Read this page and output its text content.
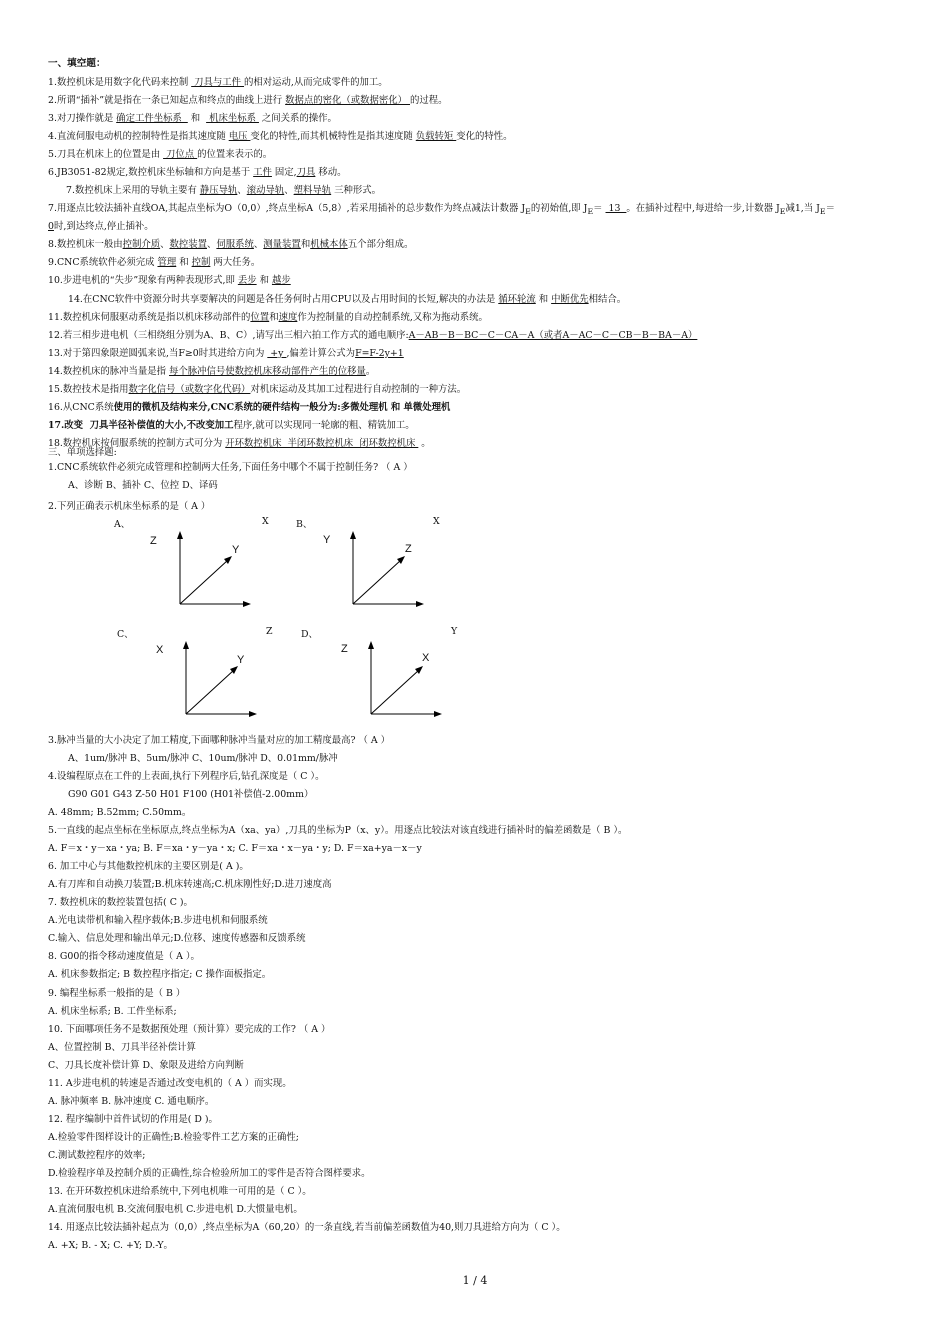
一、填空题：
1.数控机床是用数字化代码来控制  刀具与工件 的相对运动,从而完成零件的加工。
2.所谓“插补”就是指在一条已知起点和终点的曲线上进行 数据点的密化（或数据密化） 的过程。
3.对刀操作就是 确定工件坐标系   和   机床坐标系  之间关系的操作。
4.直流伺服电动机的控制特性是指其速度随 电压 变化的特性,而其机械特性是指其速度随 负载转矩 变化的特性。
5.刀具在机床上的位置是由  刀位点 的位置来表示的。
6.JB3051-82规定,数控机床坐标轴和方向是基于 工件 固定,刀具 移动。
7.数控机床上采用的导轨主要有 静压导轨、滚动导轨、塑料导轨 三种形式。
7.用逐点比较法插补直线OA,其起点坐标为O（0,0）,终点坐标A（5,8）,若采用插补的总步数作为终点减法计数器 $J_E$的初始值,即 $J_E= 13$  。在插补过程中,每进给一步,计数器 $J_E$减1,当 $J_E=$
0时,到达终点,停止插补。
8.数控机床一般由控制介质、数控装置、伺服系统、测量装置和机械本体五个部分组成。
9.CNC系统软件必须完成 管理 和 控制 两大任务。
10.步进电机的“失步”现象有两种表现形式,即 丢步 和 越步
14.在CNC软件中资源分时共享要解决的问题是各任务何时占用CPU以及占用时间的长短,解决的办法是 循环轮流 和 中断优先相结合。
11.数控机床伺服驱动系统是指以机床移动部件的位置和速度作为控制量的自动控制系统,又称为拖动系统。
12.若三相步进电机（三相绕组分别为A、B、C）,请写出三相六拍工作方式的通电顺序:A－AB－B－BC－C－CA－A（或者A－AC－C－CB－B－BA－A）
13.对于第四象限逆圆弧来说,当F≥0时其进给方向为  +y ,偏差计算公式为F=F-2y+1
14.数控机床的脉冲当量是指 每个脉冲信号使数控机床移动部件产生的位移量。
15.数控技术是指用数字化信号（或数字化代码）对机床运动及其加工过程进行自动控制的一种方法。
16.从CNC系统使用的微机及结构来分,CNC系统的硬件结构一般分为:多微处理机 和 单微处理机
17.改变  刀具半径补偿值的大小,不改变加工程序,就可以实现同一轮廓的粗、精铣加工。
18.数控机床按伺服系统的控制方式可分为 开环数控机床  半闭环数控机床  闭环数控机床  。
三、单项选择题:
1.CNC系统软件必须完成管理和控制两大任务,下面任务中哪个不属于控制任务? （ A ）
A、诊断 B、插补 C、位控 D、译码
2.下列正确表示机床坐标系的是（ A ）
A、	X
Z
Y
B、	X
Y
Z
C、	Z
X
Y
D、	Y
Z
X
3.脉冲当量的大小决定了加工精度,下面哪种脉冲当量对应的加工精度最高? （ A ）
A、1um/脉冲 B、5um/脉冲 C、10um/脉冲 D、0.01mm/脉冲
4.设编程原点在工件的上表面,执行下列程序后,钻孔深度是（ C ）。
G90 G01 G43 Z-50 H01 F100 (H01补偿值-2.00mm）
A. 48mm; B.52mm; C.50mm。
5.一直线的起点坐标在坐标原点,终点坐标为A（xa、ya）,刀具的坐标为P（x、y）。用逐点比较法对该直线进行插补时的偏差函数是（ B ）。
A. F＝x・y－xa・ya; B. F＝xa・y－ya・x; C. F＝xa・x－ya・y; D. F＝xa+ya－x－y
6. 加工中心与其他数控机床的主要区别是( A )。
A.有刀库和自动换刀装置;B.机床转速高;C.机床刚性好;D.进刀速度高
7. 数控机床的数控装置包括( C )。
A.光电读带机和输入程序载体;B.步进电机和伺服系统
C.输入、信息处理和输出单元;D.位移、速度传感器和反馈系统
8. G00的指令移动速度值是（ A ）。
A. 机床参数指定; B 数控程序指定; C 操作面板指定。
9. 编程坐标系一般指的是（ B ）
A. 机床坐标系; B. 工件坐标系;
10. 下面哪项任务不是数据预处理（预计算）要完成的工作? （ A ）
A、位置控制 B、刀具半径补偿计算
C、刀具长度补偿计算 D、象限及进给方向判断
11. A步进电机的转速是否通过改变电机的（ A ）而实现。
A. 脉冲频率 B. 脉冲速度 C. 通电顺序。
12. 程序编制中首件试切的作用是( D )。
A.检验零件图样设计的正确性;B.检验零件工艺方案的正确性;
C.测试数控程序的效率;
D.检验程序单及控制介质的正确性,综合检验所加工的零件是否符合图样要求。
13. 在开环数控机床进给系统中,下列电机唯一可用的是（ C ）。
A.直流伺服电机 B.交流伺服电机 C.步进电机 D.大惯量电机。
14. 用逐点比较法插补起点为（0,0）,终点坐标为A（60,20）的一条直线,若当前偏差函数值为40,则刀具进给方向为（ C ）。
A. +X; B. - X; C. +Y; D.-Y。
1 / 4
